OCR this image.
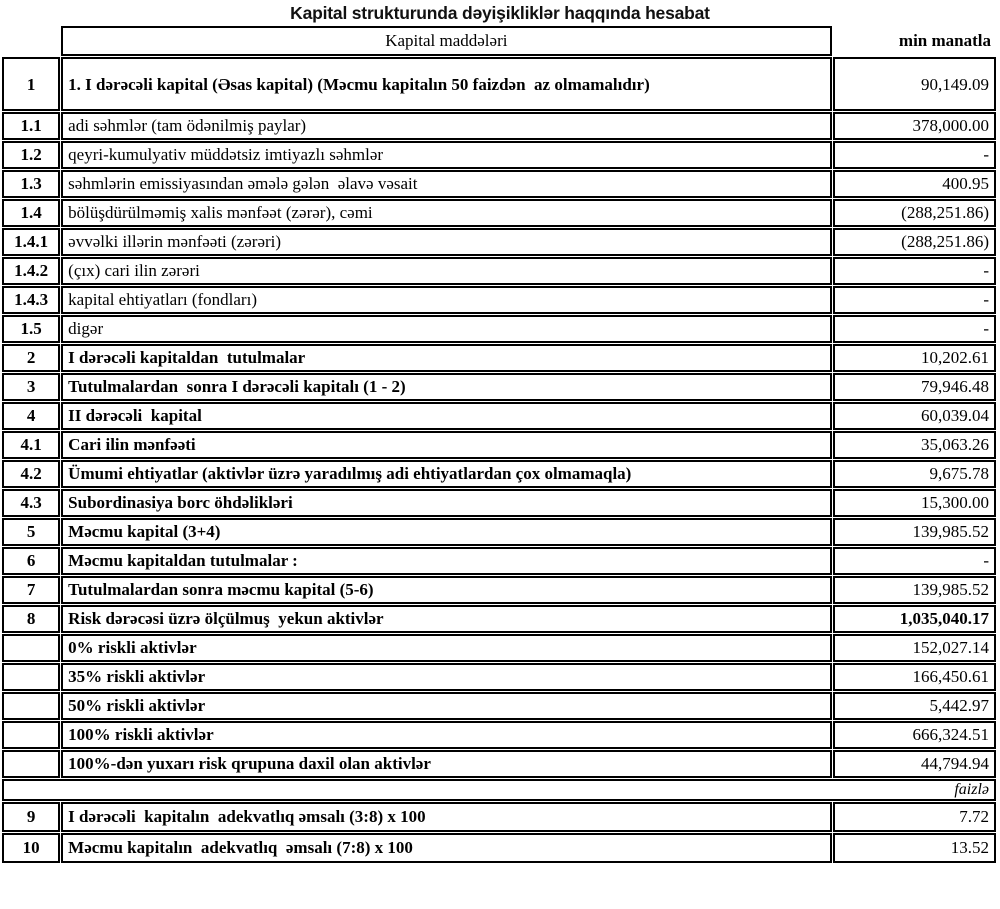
Kapital strukturunda dəyişikliklər haqqında hesabat
	Kapital maddələri	min manatla
1	1. I dərəcəli kapital (Əsas kapital) (Məcmu kapitalın 50 faizdən  az olmamalıdır)	90,149.09
1.1	adi səhmlər (tam ödənilmiş paylar)	378,000.00
1.2	qeyri-kumulyativ müddətsiz imtiyazlı səhmlər	-
1.3	səhmlərin emissiyasından əmələ gələn  əlavə vəsait	400.95
1.4	bölüşdürülməmiş xalis mənfəət (zərər), cəmi	(288,251.86)
1.4.1	əvvəlki illərin mənfəəti (zərəri)	(288,251.86)
1.4.2	(çıx) cari ilin zərəri	-
1.4.3	kapital ehtiyatları (fondları)	-
1.5	digər	-
2	I dərəcəli kapitaldan  tutulmalar	10,202.61
3	Tutulmalardan  sonra I dərəcəli kapitalı (1 - 2)	79,946.48
4	II dərəcəli  kapital	60,039.04
4.1	Cari ilin mənfəəti	35,063.26
4.2	Ümumi ehtiyatlar (aktivlər üzrə yaradılmış adi ehtiyatlardan çox olmamaqla)	9,675.78
4.3	Subordinasiya borc öhdəlikləri	15,300.00
5	Məcmu kapital (3+4)	139,985.52
6	Məcmu kapitaldan tutulmalar :	-
7	Tutulmalardan sonra məcmu kapital (5-6)	139,985.52
8	Risk dərəcəsi üzrə ölçülmuş  yekun aktivlər	1,035,040.17
	0% riskli aktivlər	152,027.14
	35% riskli aktivlər	166,450.61
	50% riskli aktivlər	5,442.97
	100% riskli aktivlər	666,324.51
	100%-dən yuxarı risk qrupuna daxil olan aktivlər	44,794.94
faizlə		
9	I dərəcəli  kapitalın  adekvatlıq əmsalı (3:8) x 100	7.72
10	Məcmu kapitalın  adekvatlıq  əmsalı (7:8) x 100	13.52
